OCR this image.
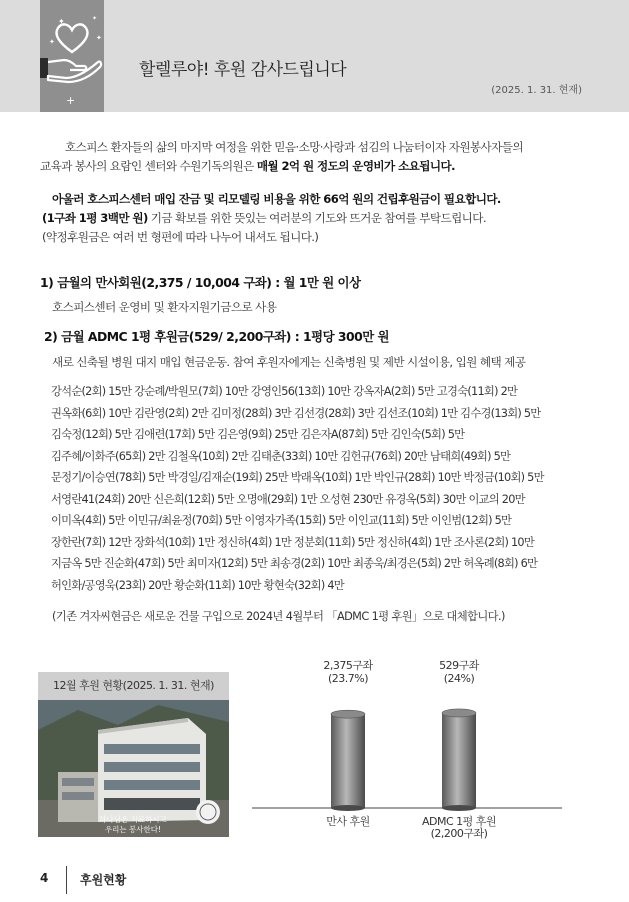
✦
✦
✦
✦
+
할렐루야! 후원 감사드립니다
(2025. 1. 31. 현재)
호스피스 환자들의 삶의 마지막 여정을 위한 믿음·소망·사랑과 섬김의 나눔터이자 자원봉사자들의
교육과 봉사의 요람인 센터와 수원기독의원은 매월 2억 원 정도의 운영비가 소요됩니다.
아울러 호스피스센터 매입 잔금 및 리모델링 비용을 위한 66억 원의 건립후원금이 필요합니다.
(1구좌 1평 3백만 원) 기금 확보를 위한 뜻있는 여러분의 기도와 뜨거운 참여를 부탁드립니다.
(약정후원금은 여러 번 형편에 따라 나누어 내셔도 됩니다.)
1) 금월의 만사회원(2,375 / 10,004 구좌) : 월 1만 원 이상
호스피스센터 운영비 및 환자지원기금으로 사용
2) 금월 ADMC 1평 후원금(529/ 2,200구좌) : 1평당 300만 원
새로 신축될 병원 대지 매입 현금운동. 참여 후원자에게는 신축병원 및 제반 시설이용, 입원 혜택 제공
강석순(2회) 15만 강순례/박원모(7회) 10만 강영인56(13회) 10만 강옥자A(2회) 5만 고경숙(11회) 2만
권옥화(6회) 10만 김란영(2회) 2만 김미정(28회) 3만 김선경(28회) 3만 김선조(10회) 1만 김수경(13회) 5만
김숙정(12회) 5만 김애련(17회) 5만 김은영(9회) 25만 김은자A(87회) 5만 김인숙(5회) 5만
김주혜/이화주(65회) 2만 김철옥(10회) 2만 김태춘(33회) 10만 김헌규(76회) 20만 남태희(49회) 5만
문정기/이승연(78회) 5만 박경일/김재순(19회) 25만 박래옥(10회) 1만 박인규(28회) 10만 박정금(10회) 5만
서영란41(24회) 20만 신은희(12회) 5만 오명애(29회) 1만 오성현 230만 유경옥(5회) 30만 이교의 20만
이미옥(4회) 5만 이민규/최윤정(70회) 5만 이영자가족(15회) 5만 이인교(11회) 5만 이인범(12회) 5만
장한란(7회) 12만 장화석(10회) 1만 정신하(4회) 1만 정분회(11회) 5만 정신하(4회) 1만 조사론(2회) 10만
지금옥 5만 진순화(47회) 5만 최미자(12회) 5만 최송경(2회) 10만 최종욱/최경은(5회) 2만 허옥례(8회) 6만
허인화/공영욱(23회) 20만 황순화(11회) 10만 황현숙(32회) 4만
(기존 겨자씨현금은 새로운 건물 구입으로 2024년 4월부터 「ADMC 1평 후원」으로 대체합니다.)
12월 후원 현황(2025. 1. 31. 현재)
하나님은 치료하시고
우리는 봉사한다!
2,375구좌
(23.7%)
만사 후원
529구좌
(24%)
ADMC 1평 후원
(2,200구좌)
4	후원현황
